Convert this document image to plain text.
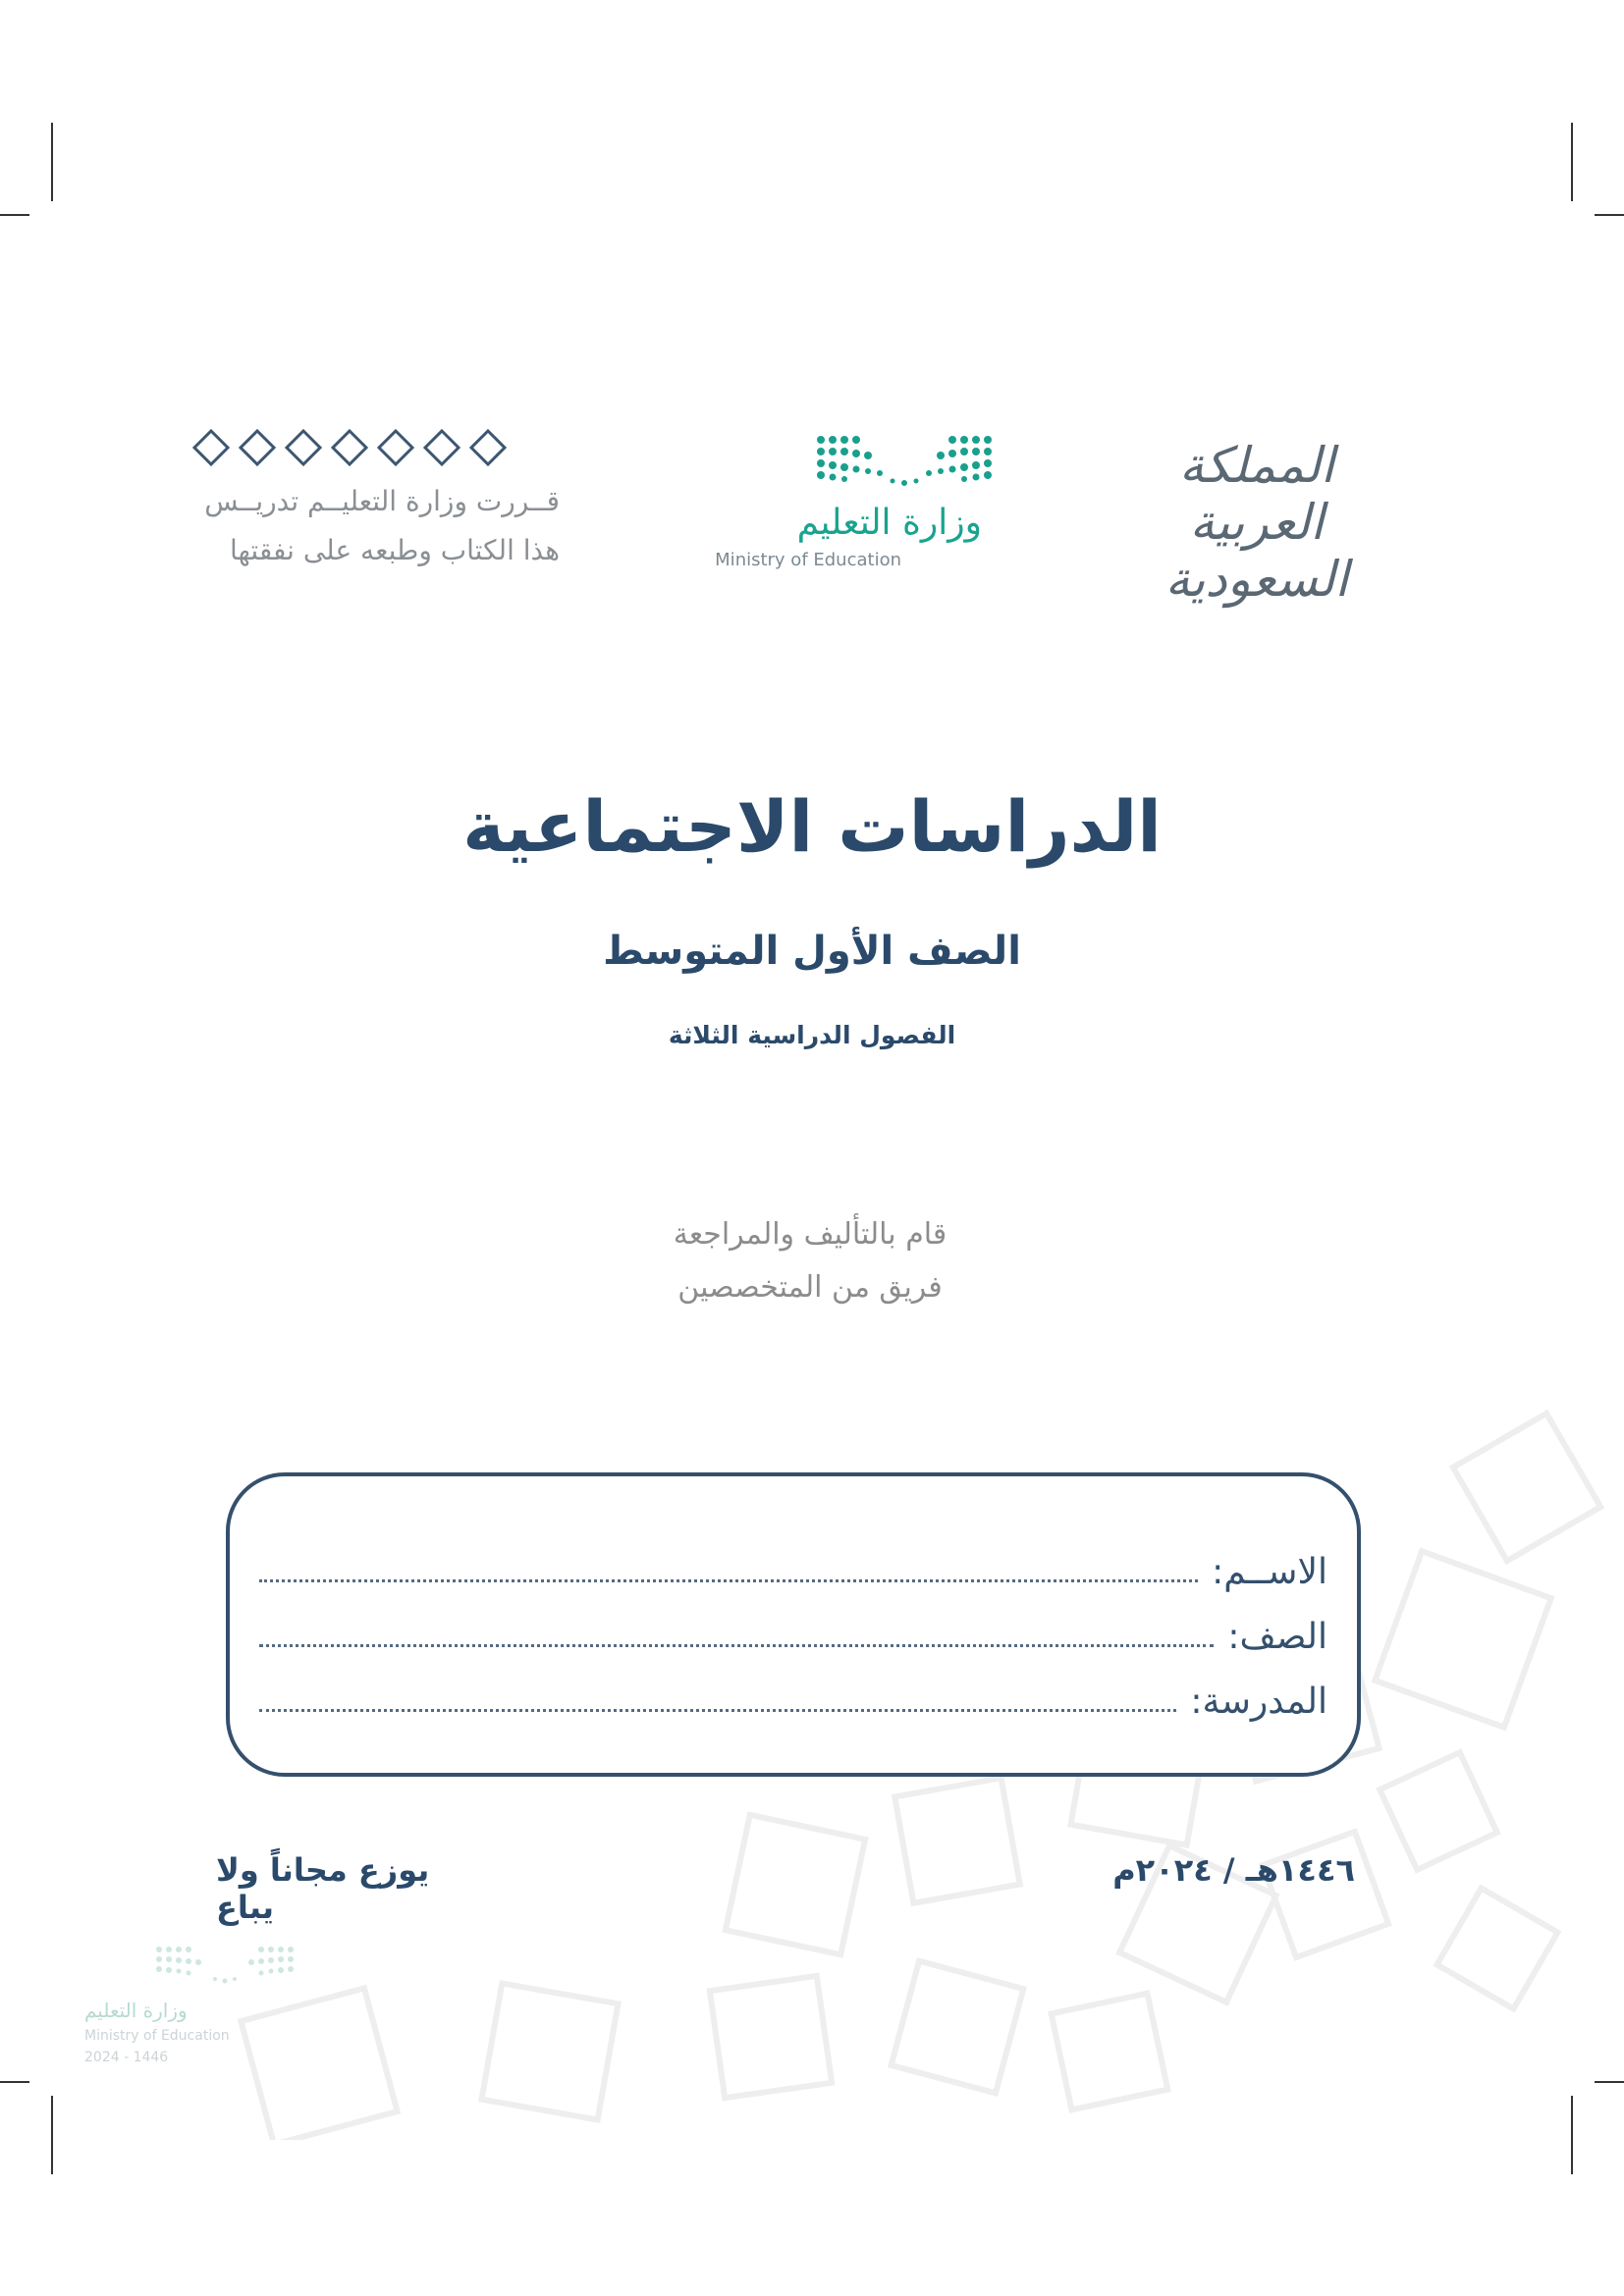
المملكة العربية السعودية
وزارة التعليم
Ministry of Education
قــررت وزارة التعليــم تدريــس
هذا الكتاب وطبعه على نفقتها
الدراسات الاجتماعية
الصف الأول المتوسط
الفصول الدراسية الثلاثة
قام بالتأليف والمراجعة
فريق من المتخصصين
الاســم:
الصف:
المدرسة:
يوزع مجاناً ولا يباع
١٤٤٦هـ / ٢٠٢٤م
وزارة التعليم
Ministry of Education
2024 - 1446
